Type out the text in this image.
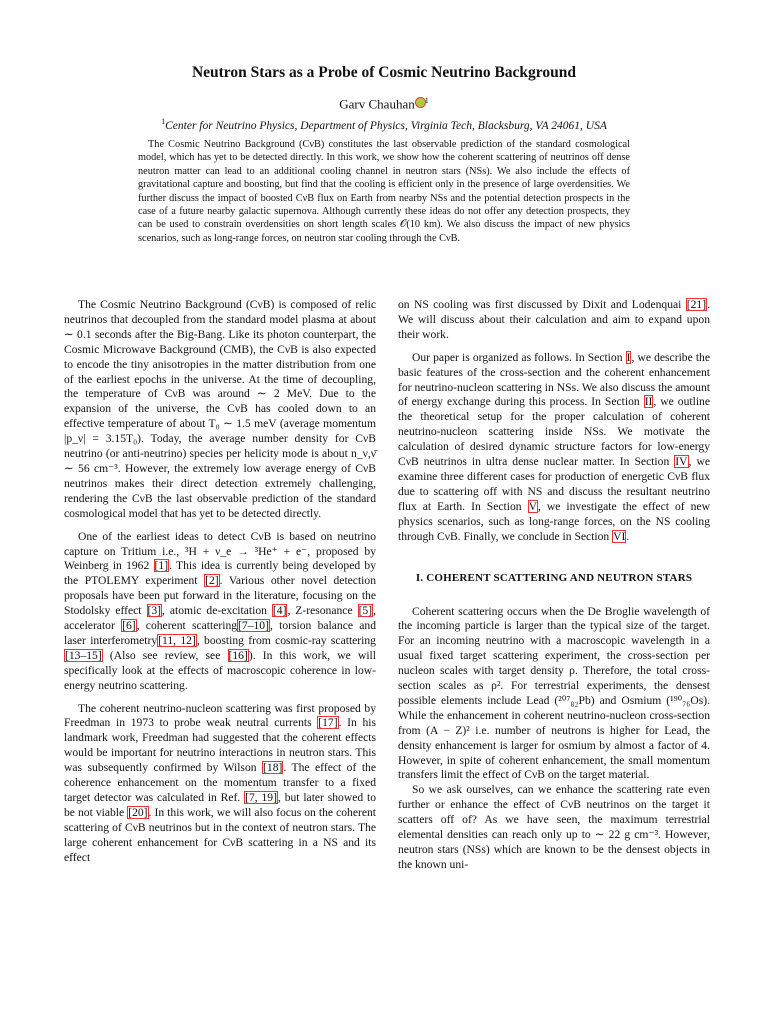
Neutron Stars as a Probe of Cosmic Neutrino Background
Garv Chauhan $^1$
$^1$Center for Neutrino Physics, Department of Physics, Virginia Tech, Blacksburg, VA 24061, USA
The Cosmic Neutrino Background (CνB) constitutes the last observable prediction of the standard cosmological model, which has yet to be detected directly. In this work, we show how the coherent scattering of neutrinos off dense neutron matter can lead to an additional cooling channel in neutron stars (NSs). We also include the effects of gravitational capture and boosting, but find that the cooling is efficient only in the presence of large overdensities. We further discuss the impact of boosted CνB flux on Earth from nearby NSs and the potential detection prospects in the case of a future nearby galactic supernova. Although currently these ideas do not offer any detection prospects, they can be used to constrain overdensities on short length scales 𝒪(10 km). We also discuss the impact of new physics scenarios, such as long-range forces, on neutron star cooling through the CνB.

The Cosmic Neutrino Background (CνB) is composed of relic neutrinos that decoupled from the standard model plasma at about ∼ 0.1 seconds after the Big-Bang. Like its photon counterpart, the Cosmic Microwave Background (CMB), the CνB is also expected to encode the tiny anisotropies in the matter distribution from one of the earliest epochs in the universe. At the time of decoupling, the temperature of CνB was around ∼ 2 MeV. Due to the expansion of the universe, the CνB has cooled down to an effective temperature of about T₀ ∼ 1.5 meV (average momentum |p_ν| = 3.15T₀). Today, the average number density for CνB neutrino (or anti-neutrino) species per helicity mode is about n_ν,ν̄ ∼ 56 cm⁻³. However, the extremely low average energy of CνB neutrinos makes their direct detection extremely challenging, rendering the CνB the last observable prediction of the standard cosmological model that has yet to be detected directly.

One of the earliest ideas to detect CνB is based on neutrino capture on Tritium i.e., ³H + ν_e → ³He⁺ + e⁻, proposed by Weinberg in 1962 [1]. This idea is currently being developed by the PTOLEMY experiment [2]. Various other novel detection proposals have been put forward in the literature, focusing on the Stodolsky effect [3], atomic de-excitation [4], Z-resonance [5], accelerator [6], coherent scattering[7–10], torsion balance and laser interferometry[11, 12], boosting from cosmic-ray scattering [13–15] (Also see review, see [16]). In this work, we will specifically look at the effects of macroscopic coherence in low-energy neutrino scattering.

The coherent neutrino-nucleon scattering was first proposed by Freedman in 1973 to probe weak neutral currents [17]. In his landmark work, Freedman had suggested that the coherent effects would be important for neutrino interactions in neutron stars. This was subsequently confirmed by Wilson [18]. The effect of the coherence enhancement on the momentum transfer to a fixed target detector was calculated in Ref. [7, 19], but later showed to be not viable [20]. In this work, we will also focus on the coherent scattering of CνB neutrinos but in the context of neutron stars. The large coherent enhancement for CνB scattering in a NS and its effect

on NS cooling was first discussed by Dixit and Lodenquai [21]. We will discuss about their calculation and aim to expand upon their work.

Our paper is organized as follows. In Section I, we describe the basic features of the cross-section and the coherent enhancement for neutrino-nucleon scattering in NSs. We also discuss the amount of energy exchange during this process. In Section II, we outline the theoretical setup for the proper calculation of coherent neutrino-nucleon scattering inside NSs. We motivate the calculation of desired dynamic structure factors for low-energy CνB neutrinos in ultra dense nuclear matter. In Section IV, we examine three different cases for production of energetic CνB flux due to scattering off with NS and discuss the resultant neutrino flux at Earth. In Section V, we investigate the effect of new physics scenarios, such as long-range forces, on the NS cooling through CνB. Finally, we conclude in Section VI.

I. COHERENT SCATTERING AND NEUTRON STARS

Coherent scattering occurs when the De Broglie wavelength of the incoming particle is larger than the typical size of the target. For an incoming neutrino with a macroscopic wavelength in a usual fixed target scattering experiment, the cross-section per nucleon scales with target density ρ. Therefore, the total cross-section scales as ρ². For terrestrial experiments, the densest possible elements include Lead (²⁰⁷₈₂Pb) and Osmium (¹⁹⁰₇₆Os). While the enhancement in coherent neutrino-nucleon cross-section from (A − Z)² i.e. number of neutrons is higher for Lead, the density enhancement is larger for osmium by almost a factor of 4. However, in spite of coherent enhancement, the small momentum transfers limit the effect of CνB on the target material.

So we ask ourselves, can we enhance the scattering rate even further or enhance the effect of CνB neutrinos on the target it scatters off of? As we have seen, the maximum terrestrial elemental densities can reach only up to ∼ 22 g cm⁻³. However, neutron stars (NSs) which are known to be the densest objects in the known uni-
